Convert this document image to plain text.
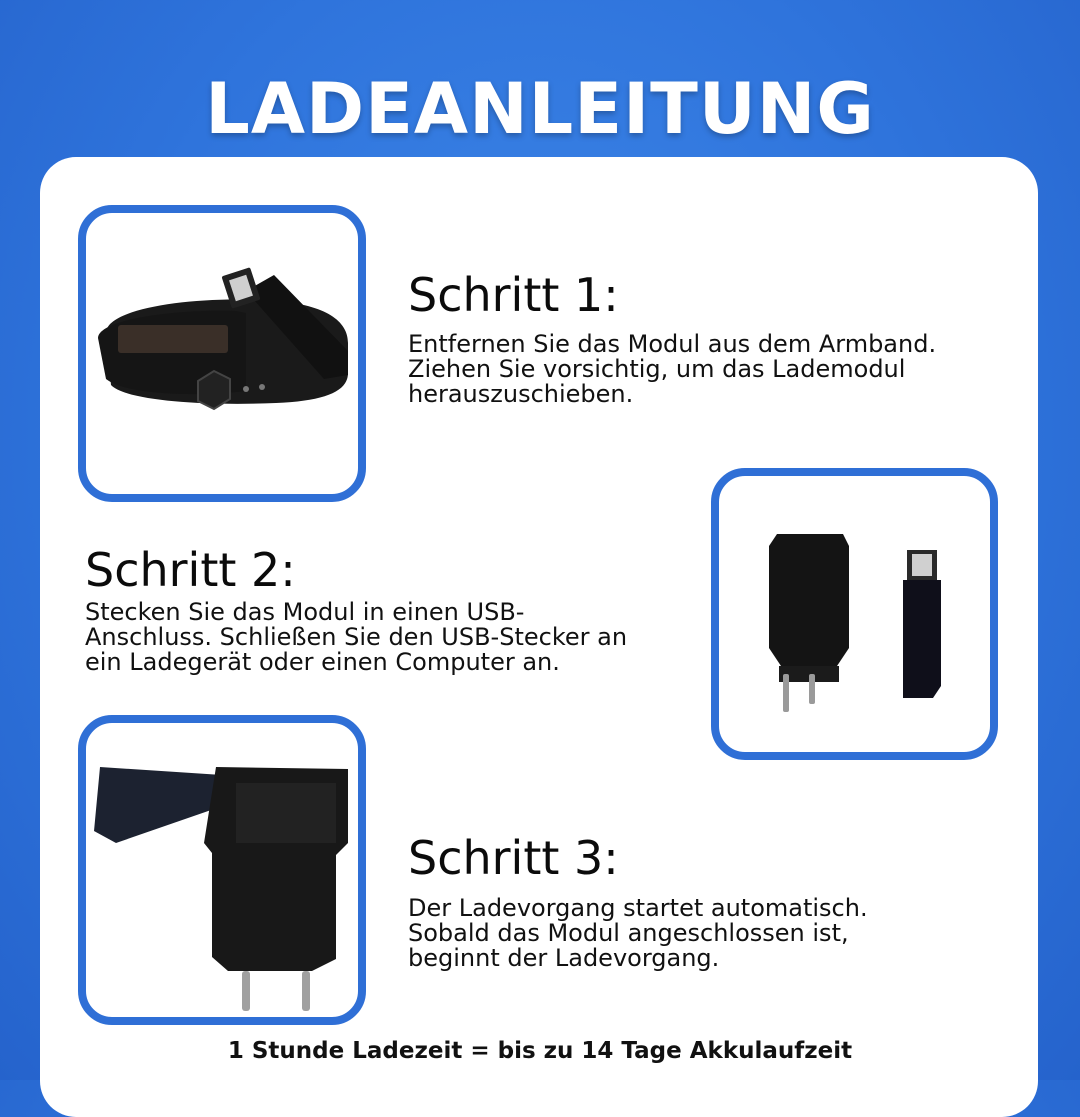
LADEANLEITUNG
Schritt 1:
Entfernen Sie das Modul aus dem Armband.
Ziehen Sie vorsichtig, um das Lademodul
herauszuschieben.
Schritt 2:
Stecken Sie das Modul in einen USB-
Anschluss. Schließen Sie den USB-Stecker an
ein Ladegerät oder einen Computer an.
Schritt 3:
Der Ladevorgang startet automatisch.
Sobald das Modul angeschlossen ist,
beginnt der Ladevorgang.
1 Stunde Ladezeit = bis zu 14 Tage Akkulaufzeit
